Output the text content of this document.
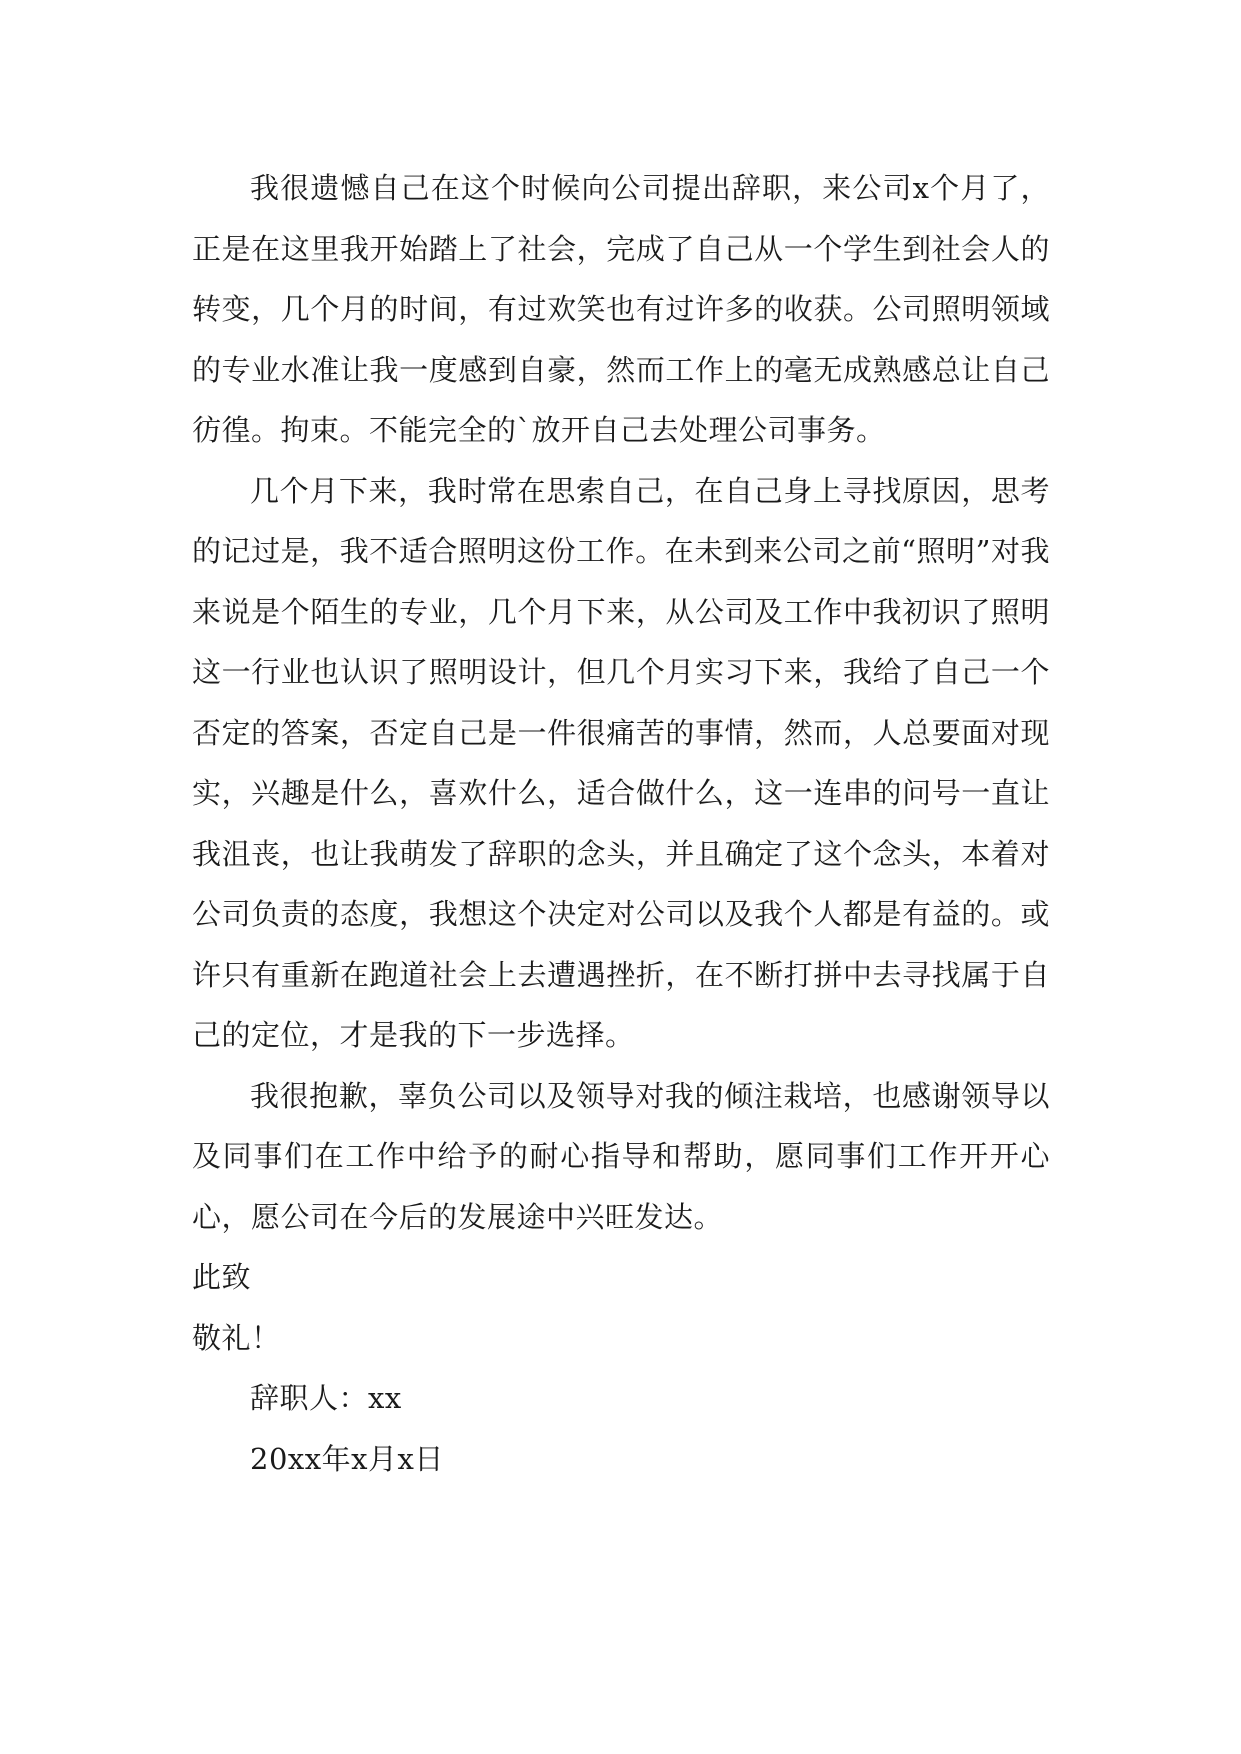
我很遗憾自己在这个时候向公司提出辞职，来公司x个月了，正是在这里我开始踏上了社会，完成了自己从一个学生到社会人的转变，几个月的时间，有过欢笑也有过许多的收获。公司照明领域的专业水准让我一度感到自豪，然而工作上的毫无成熟感总让自己彷徨。拘束。不能完全的`放开自己去处理公司事务。

几个月下来，我时常在思索自己，在自己身上寻找原因，思考的记过是，我不适合照明这份工作。在未到来公司之前“照明”对我来说是个陌生的专业，几个月下来，从公司及工作中我初识了照明这一行业也认识了照明设计，但几个月实习下来，我给了自己一个否定的答案，否定自己是一件很痛苦的事情，然而，人总要面对现实，兴趣是什么，喜欢什么，适合做什么，这一连串的问号一直让我沮丧，也让我萌发了辞职的念头，并且确定了这个念头，本着对公司负责的态度，我想这个决定对公司以及我个人都是有益的。或许只有重新在跑道社会上去遭遇挫折，在不断打拼中去寻找属于自己的定位，才是我的下一步选择。

我很抱歉，辜负公司以及领导对我的倾注栽培，也感谢领导以及同事们在工作中给予的耐心指导和帮助，愿同事们工作开开心心，愿公司在今后的发展途中兴旺发达。

此致

敬礼！

辞职人：xx

20xx年x月x日
